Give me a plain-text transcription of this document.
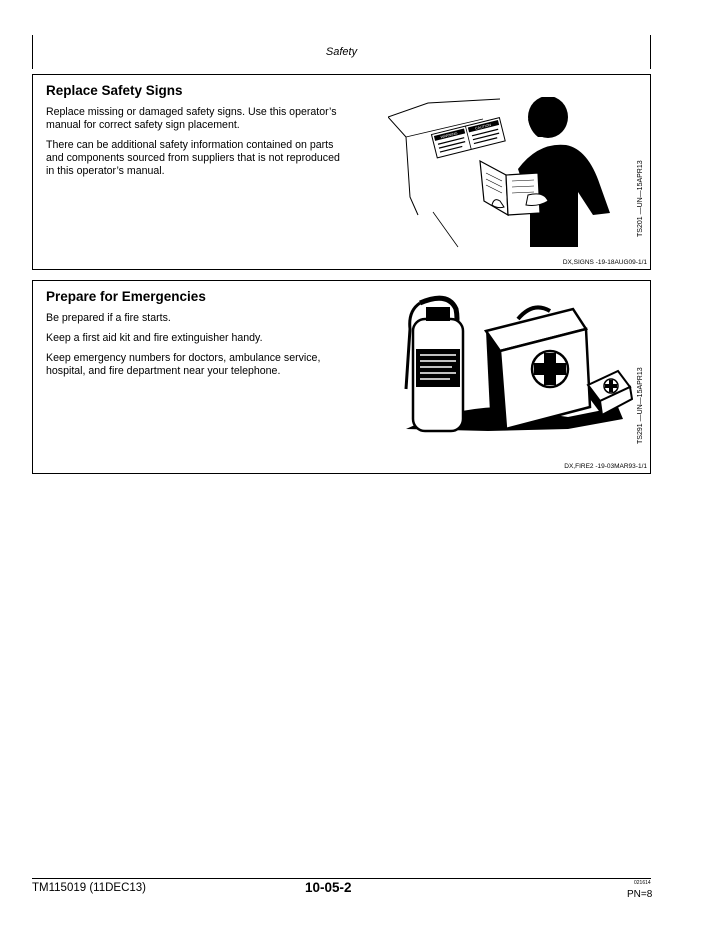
Safety
Replace Safety Signs

Replace missing or damaged safety signs. Use this operator’s manual for correct safety sign placement.

There can be additional safety information contained on parts and components sourced from suppliers that is not reproduced in this operator’s manual.

WARNING
CAUTION
TS201 —UN—15APR13
DX,SIGNS -19-18AUG09-1/1
Prepare for Emergencies

Be prepared if a fire starts.

Keep a first aid kit and fire extinguisher handy.

Keep emergency numbers for doctors, ambulance service, hospital, and fire department near your telephone.	TS291 —UN—15APR13
DX,FIRE2 -19-03MAR93-1/1
TM115019 (11DEC13)	10-05-2	021614
PN=8
